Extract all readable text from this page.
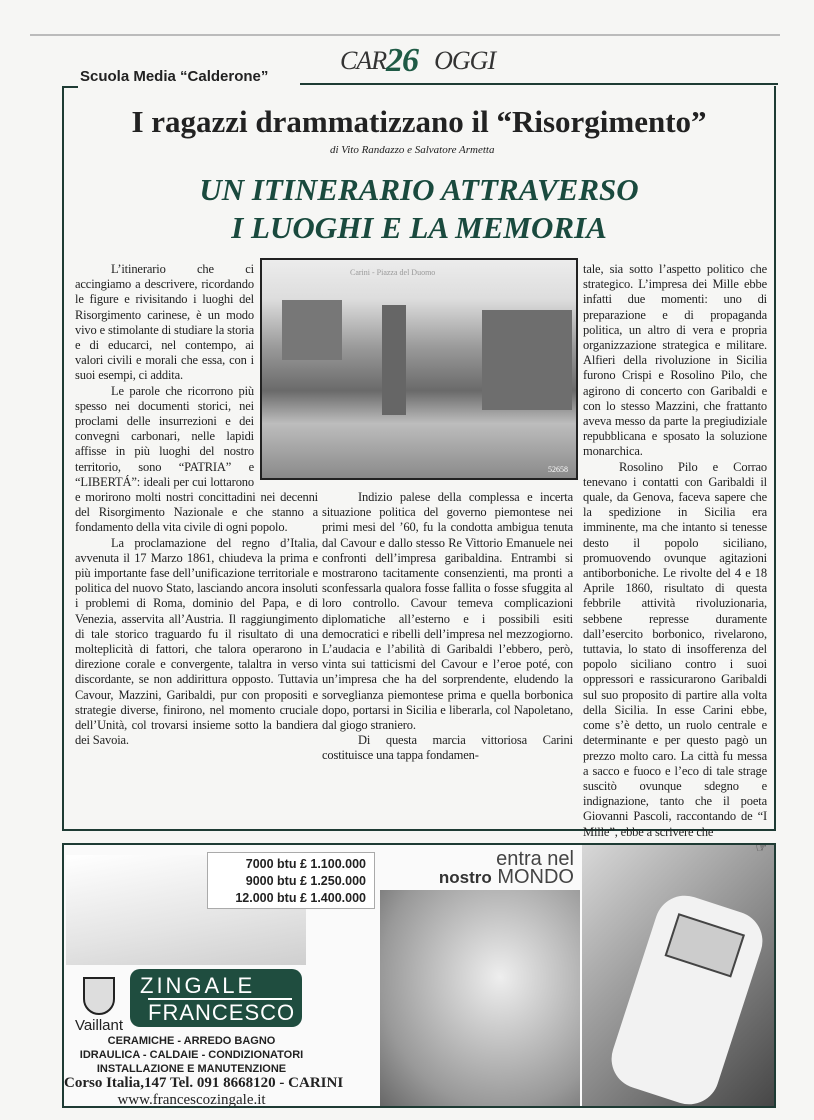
CAR 26 OGGI
Scuola Media “Calderone”
I ragazzi drammatizzano il “Risorgimento”
di Vito Randazzo e Salvatore Armetta
UN ITINERARIO ATTRAVERSO
I LUOGHI E LA MEMORIA

L’itinerario che ci accingiamo a descrivere, ricordando le figure e rivisitando i luoghi del Risorgimento carinese, è un modo vivo e stimolante di studiare la storia e di educarci, nel contempo, ai valori civili e morali che essa, con i suoi esempi, ci addita.

Le parole che ricorrono più spesso nei documenti storici, nei proclami delle insurrezioni e dei convegni carbonari, nelle lapidi affisse in più luoghi del nostro territorio, sono “PATRIA” e “LIBERTÁ”: ideali per cui lottarono e morirono molti nostri concittadini nei decenni del Risorgimento Nazionale e che stanno a fondamento della vita civile di ogni popolo.

La proclamazione del regno d’Italia, avvenuta il 17 Marzo 1861, chiudeva la prima e più importante fase dell’unificazione territoriale e politica del nuovo Stato, lasciando ancora insoluti i problemi di Roma, dominio del Papa, e di Venezia, asservita all’Austria. Il raggiungimento di tale storico traguardo fu il risultato di una molteplicità di fattori, che talora operarono in direzione corale e convergente, talaltra in verso discordante, se non addirittura opposto. Tuttavia Cavour, Mazzini, Garibaldi, pur con propositi e strategie diverse, finirono, nel momento cruciale dell’Unità, col trovarsi insieme sotto la bandiera dei Savoia.

Carini - Piazza del Duomo
52658

Indizio palese della complessa e incerta situazione politica del governo piemontese nei primi mesi del ’60, fu la condotta ambigua tenuta dal Cavour e dallo stesso Re Vittorio Emanuele nei confronti dell’impresa garibaldina. Entrambi si mostrarono tacitamente consenzienti, ma pronti a sconfessarla qualora fosse fallita o fosse sfuggita al loro controllo. Cavour temeva complicazioni diplomatiche all’esterno e i possibili esiti democratici e ribelli dell’impresa nel mezzogiorno. L’audacia e l’abilità di Garibaldi l’ebbero, però, vinta sui tatticismi del Cavour e l’eroe poté, con un’impresa che ha del sorprendente, eludendo la sorveglianza piemontese prima e quella borbonica dopo, portarsi in Sicilia e liberarla, col Napoletano, dal giogo straniero.

Di questa marcia vittoriosa Carini costituisce una tappa fondamen-

tale, sia sotto l’aspetto politico che strategico. L’impresa dei Mille ebbe infatti due momenti: uno di preparazione e di propaganda politica, un altro di vera e propria organizzazione strategica e militare. Alfieri della rivoluzione in Sicilia furono Crispi e Rosolino Pilo, che agirono di concerto con Garibaldi e con lo stesso Mazzini, che frattanto aveva messo da parte la pregiudiziale repubblicana e sposato la soluzione monarchica.

Rosolino Pilo e Corrao tenevano i contatti con Garibaldi il quale, da Genova, faceva sapere che la spedizione in Sicilia era imminente, ma che intanto si tenesse desto il popolo siciliano, promuovendo ovunque agitazioni antiborboniche. Le rivolte del 4 e 18 Aprile 1860, risultato di questa febbrile attività rivoluzionaria, sebbene represse duramente dall’esercito borbonico, rivelarono, tuttavia, lo stato di insofferenza del popolo siciliano contro i suoi oppressori e rassicurarono Garibaldi sul suo proposito di partire alla volta della Sicilia. In esse Carini ebbe, come s’è detto, un ruolo centrale e determinante e per questo pagò un prezzo molto caro. La città fu messa a sacco e fuoco e l’eco di tale strage suscitò ovunque sdegno e indignazione, tanto che il poeta Giovanni Pascoli, raccontando de “I Mille”, ebbe a scrivere che

☞

7000 btu £ 1.100.000
9000 btu £ 1.250.000
12.000 btu £ 1.400.000
entra nel
nostro MONDO
Vaillant
ZINGALE
FRANCESCO
CERAMICHE - ARREDO BAGNO
IDRAULICA - CALDAIE - CONDIZIONATORI
INSTALLAZIONE E MANUTENZIONE
Corso Italia,147 Tel. 091 8668120 - CARINI
www.francescozingale.it
